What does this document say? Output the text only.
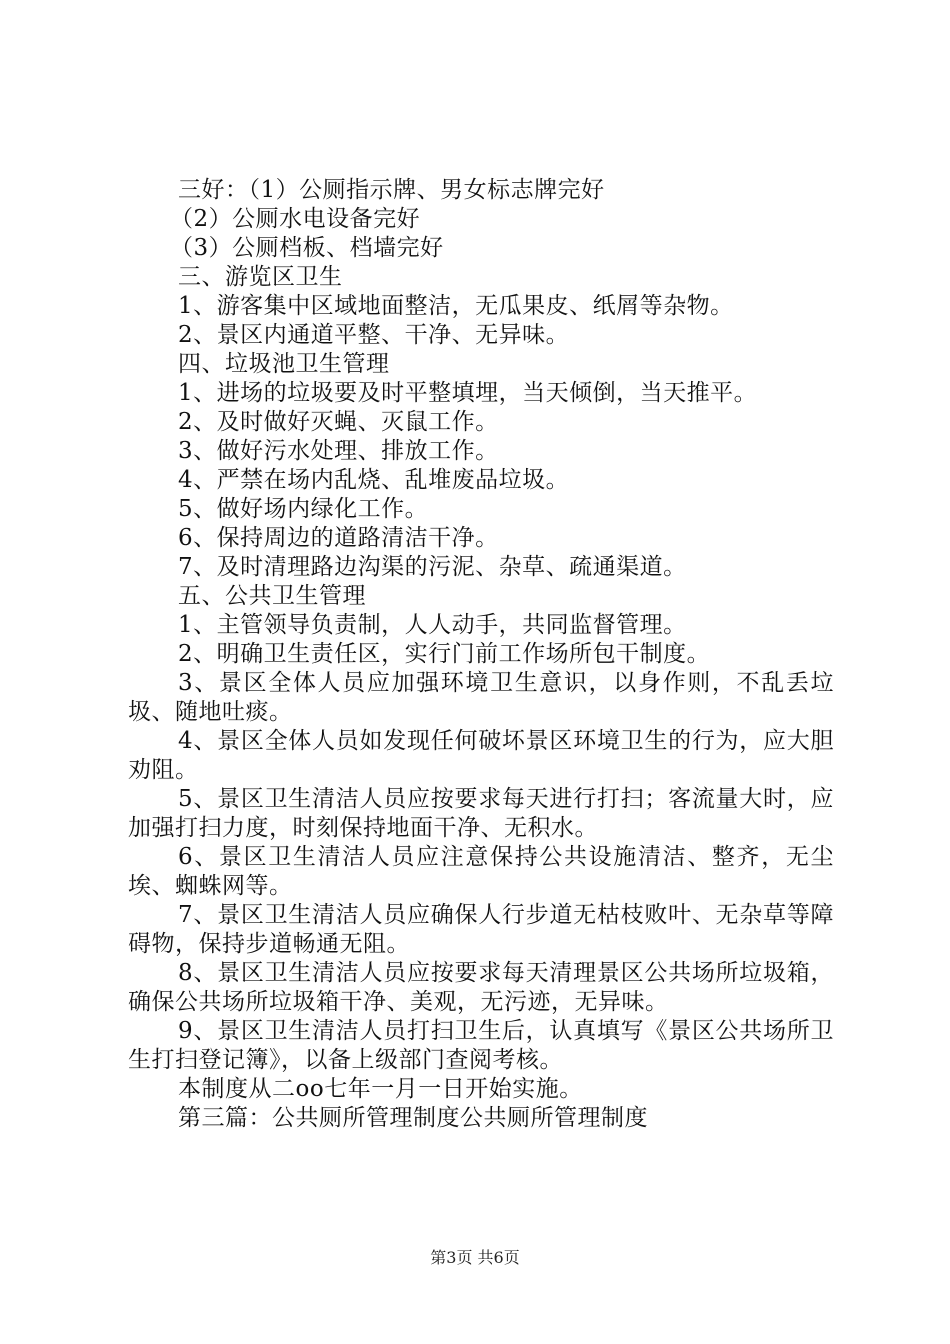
三好：（1）公厕指示牌、男女标志牌完好

（2）公厕水电设备完好

（3）公厕档板、档墙完好

三、游览区卫生

1、游客集中区域地面整洁，无瓜果皮、纸屑等杂物。

2、景区内通道平整、干净、无异味。

四、垃圾池卫生管理

1、进场的垃圾要及时平整填埋，当天倾倒，当天推平。

2、及时做好灭蝇、灭鼠工作。

3、做好污水处理、排放工作。

4、严禁在场内乱烧、乱堆废品垃圾。

5、做好场内绿化工作。

6、保持周边的道路清洁干净。

7、及时清理路边沟渠的污泥、杂草、疏通渠道。

五、公共卫生管理

1、主管领导负责制，人人动手，共同监督管理。

2、明确卫生责任区，实行门前工作场所包干制度。

3、景区全体人员应加强环境卫生意识，以身作则，不乱丢垃圾、随地吐痰。

4、景区全体人员如发现任何破坏景区环境卫生的行为，应大胆劝阻。

5、景区卫生清洁人员应按要求每天进行打扫；客流量大时，应加强打扫力度，时刻保持地面干净、无积水。

6、景区卫生清洁人员应注意保持公共设施清洁、整齐，无尘埃、蜘蛛网等。

7、景区卫生清洁人员应确保人行步道无枯枝败叶、无杂草等障碍物，保持步道畅通无阻。

8、景区卫生清洁人员应按要求每天清理景区公共场所垃圾箱，确保公共场所垃圾箱干净、美观，无污迹，无异味。

9、景区卫生清洁人员打扫卫生后，认真填写《景区公共场所卫生打扫登记簿》，以备上级部门查阅考核。

本制度从二oo七年一月一日开始实施。

第三篇：公共厕所管理制度公共厕所管理制度

第3页 共6页
